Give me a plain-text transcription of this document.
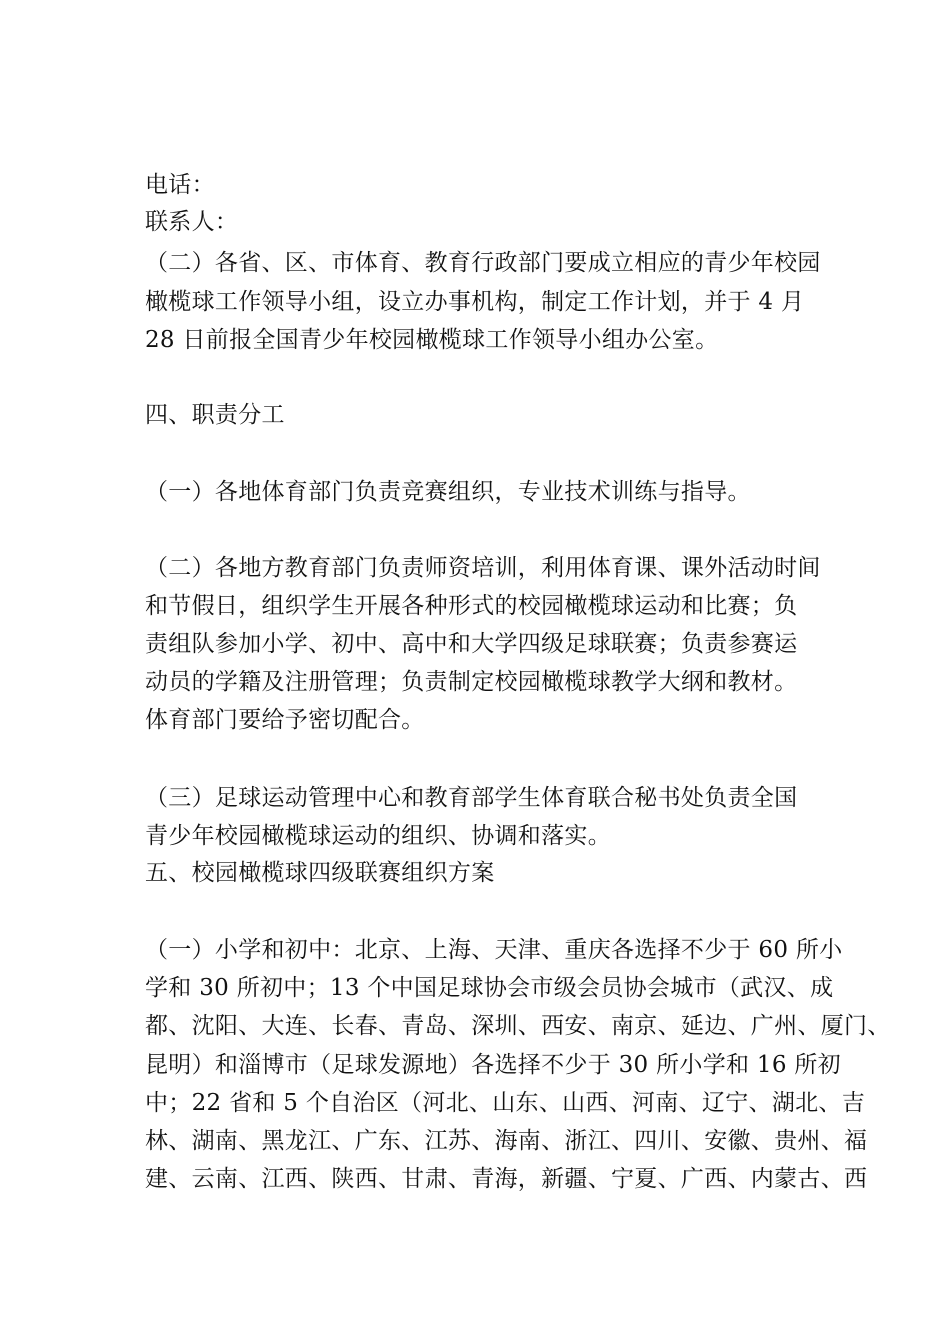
电话：
联系人：
（二）各省、区、市体育、教育行政部门要成立相应的青少年校园
橄榄球工作领导小组，设立办事机构，制定工作计划，并于 4 月
28 日前报全国青少年校园橄榄球工作领导小组办公室。
四、职责分工
（一）各地体育部门负责竞赛组织，专业技术训练与指导。
（二）各地方教育部门负责师资培训，利用体育课、课外活动时间
和节假日，组织学生开展各种形式的校园橄榄球运动和比赛；负
责组队参加小学、初中、高中和大学四级足球联赛；负责参赛运
动员的学籍及注册管理；负责制定校园橄榄球教学大纲和教材。
体育部门要给予密切配合。
（三）足球运动管理中心和教育部学生体育联合秘书处负责全国
青少年校园橄榄球运动的组织、协调和落实。
五、校园橄榄球四级联赛组织方案
（一）小学和初中：北京、上海、天津、重庆各选择不少于 60 所小
学和 30 所初中；13 个中国足球协会市级会员协会城市（武汉、成
都、沈阳、大连、长春、青岛、深圳、西安、南京、延边、广州、厦门、
昆明）和淄博市（足球发源地）各选择不少于 30 所小学和 16 所初
中；22 省和 5 个自治区（河北、山东、山西、河南、辽宁、湖北、吉
林、湖南、黑龙江、广东、江苏、海南、浙江、四川、安徽、贵州、福
建、云南、江西、陕西、甘肃、青海，新疆、宁夏、广西、内蒙古、西
